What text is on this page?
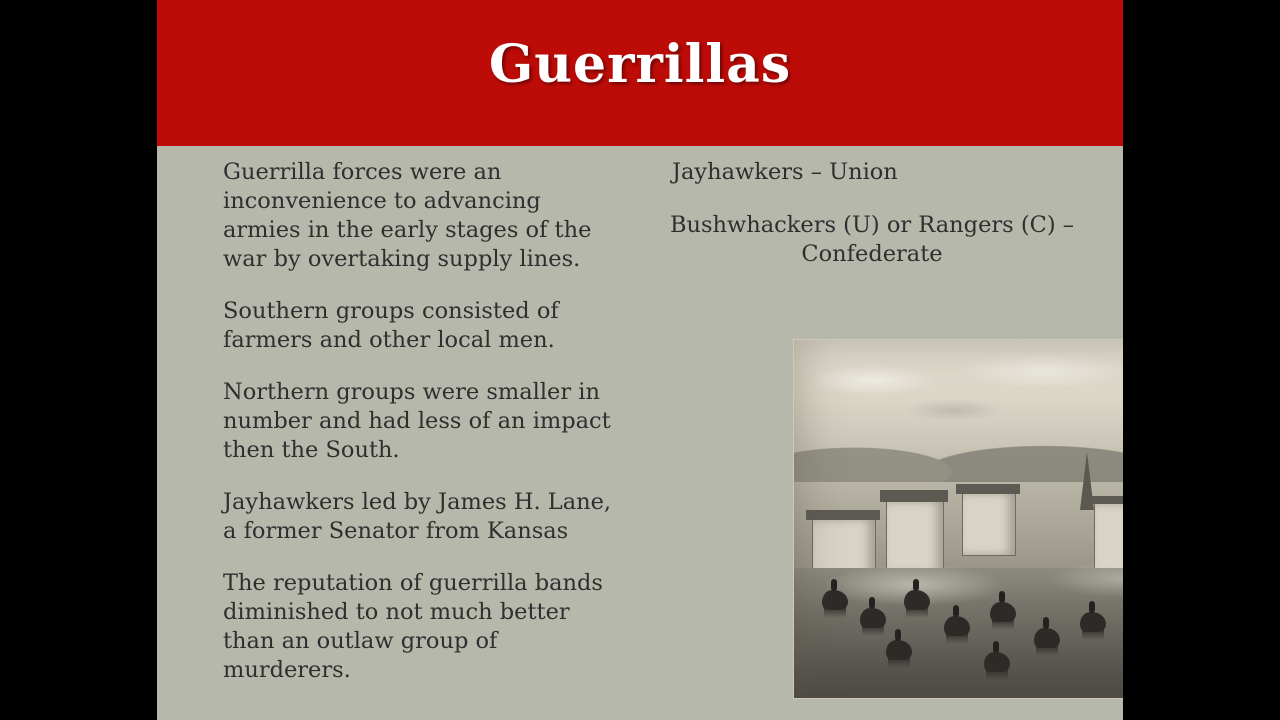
Guerrillas

Guerrilla forces were an inconvenience to advancing armies in the early stages of the war by overtaking supply lines.

Southern groups consisted of farmers and other local men.

Northern groups were smaller in number and had less of an impact then the South.

Jayhawkers led by James H. Lane, a former Senator from Kansas

The reputation of guerrilla bands diminished to not much better than an outlaw group of murderers.

Jayhawkers – Union

Bushwhackers (U) or Rangers (C) – Confederate
